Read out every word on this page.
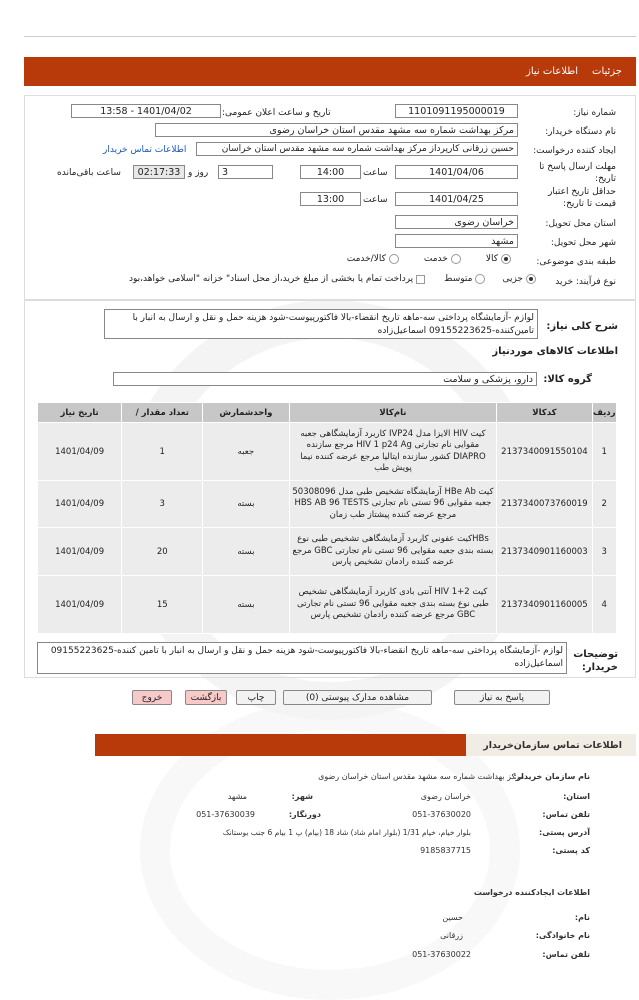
جزئیات
اطلاعات نیاز
شماره نیاز:
1101091195000019
تاریخ و ساعت اعلان عمومی:
1401/04/02 - 13:58
نام دستگاه خریدار:
مرکز بهداشت شماره سه مشهد مقدس استان خراسان رضوی
ایجاد کننده درخواست:
حسین زرقانی کارپرداز مرکز بهداشت شماره سه مشهد مقدس استان خراسان
اطلاعات تماس خریدار
مهلت ارسال پاسخ تا تاریخ:
1401/04/06
ساعت
14:00
3
روز و
02:17:33
ساعت باقی‌مانده
حداقل تاریخ اعتبار قیمت تا تاریخ:
1401/04/25
ساعت
13:00
استان محل تحویل:
خراسان رضوی
شهر محل تحویل:
مشهد
طبقه بندی موضوعی:
کالا
خدمت
کالا/خدمت
نوع فرآیند: خرید
جزیی
متوسط
پرداخت تمام یا بخشی از مبلغ خرید،از محل اسناد" خزانه "اسلامی خواهد،بود
شرح کلی نیاز:
لوازم -آزمایشگاه پرداختی سه-ماهه تاریخ انقضاء-بالا فاکتورپیوست-شود هزینه حمل و نقل و ارسال به انبار با تامین‌کننده-09155223625 اسماعیل‌زاده
اطلاعات کالاهای موردنیاز
گروه کالا:
دارو، پزشکی و سلامت
ردیف	کدکالا	نام‌کالا	واحدشمارش	تعداد مقدار /	تاریخ نیاز
1	2137340091550104	کیت HIV الایزا مدل IVP24 کاربرد آزمایشگاهی جعبه مقوایی نام تجارتی HIV 1 p24 Ag مرجع سازنده DIAPRO کشور سازنده ایتالیا مرجع عرضه کننده نیما پویش طب	جعبه	1	1401/04/09
2	2137340073760019	کیت HBe Ab آزمایشگاه تشخیص طبی مدل 50308096 جعبه مقوایی 96 تستی نام تجارتی HBS AB 96 TESTS مرجع عرضه کننده پیشتاز طب زمان	بسته	3	1401/04/09
3	2137340901160003	HBsکیت عفونی کاربرد آزمایشگاهی تشخیص طبی نوع بسته بندی جعبه مقوایی 96 تستی نام تجارتی GBC مرجع عرضه کننده رادمان تشخیص پارس	بسته	20	1401/04/09
4	2137340901160005	کیت HIV 1+2 آنتی بادی کاربرد آزمایشگاهی تشخیص طبی نوع بسته بندی جعبه مقوایی 96 تستی نام تجارتی GBC مرجع عرضه کننده رادمان تشخیص پارس	بسته	15	1401/04/09
توضیحات خریدار:
لوازم -آزمایشگاه پرداختی سه-ماهه تاریخ انقضاء-بالا فاکتورپیوست-شود هزینه حمل و نقل و ارسال به انبار با تامین کننده-09155223625 اسماعیل‌زاده
پاسخ به نیاز
مشاهده مدارک پیوستی (0)
چاپ
بازگشت
خروج
اطلاعات تماس سازمان‌خریدار
نام سازمان خریدار:
مرکز بهداشت شماره سه مشهد مقدس استان خراسان رضوی
استان:
خراسان رضوی
شهر:
مشهد
تلفن تماس:
051-37630020
دورنگار:
051-37630039
آدرس پستی:
بلوار خیام، خیام 1/31 (بلوار امام شاد) شاد 18 (بیام) پ 1 بیام 6 جنب بوستانک
کد پستی:
9185837715
اطلاعات ایجادکننده درخواست
نام:
حسین
نام خانوادگی:
زرقانی
تلفن تماس:
051-37630022
